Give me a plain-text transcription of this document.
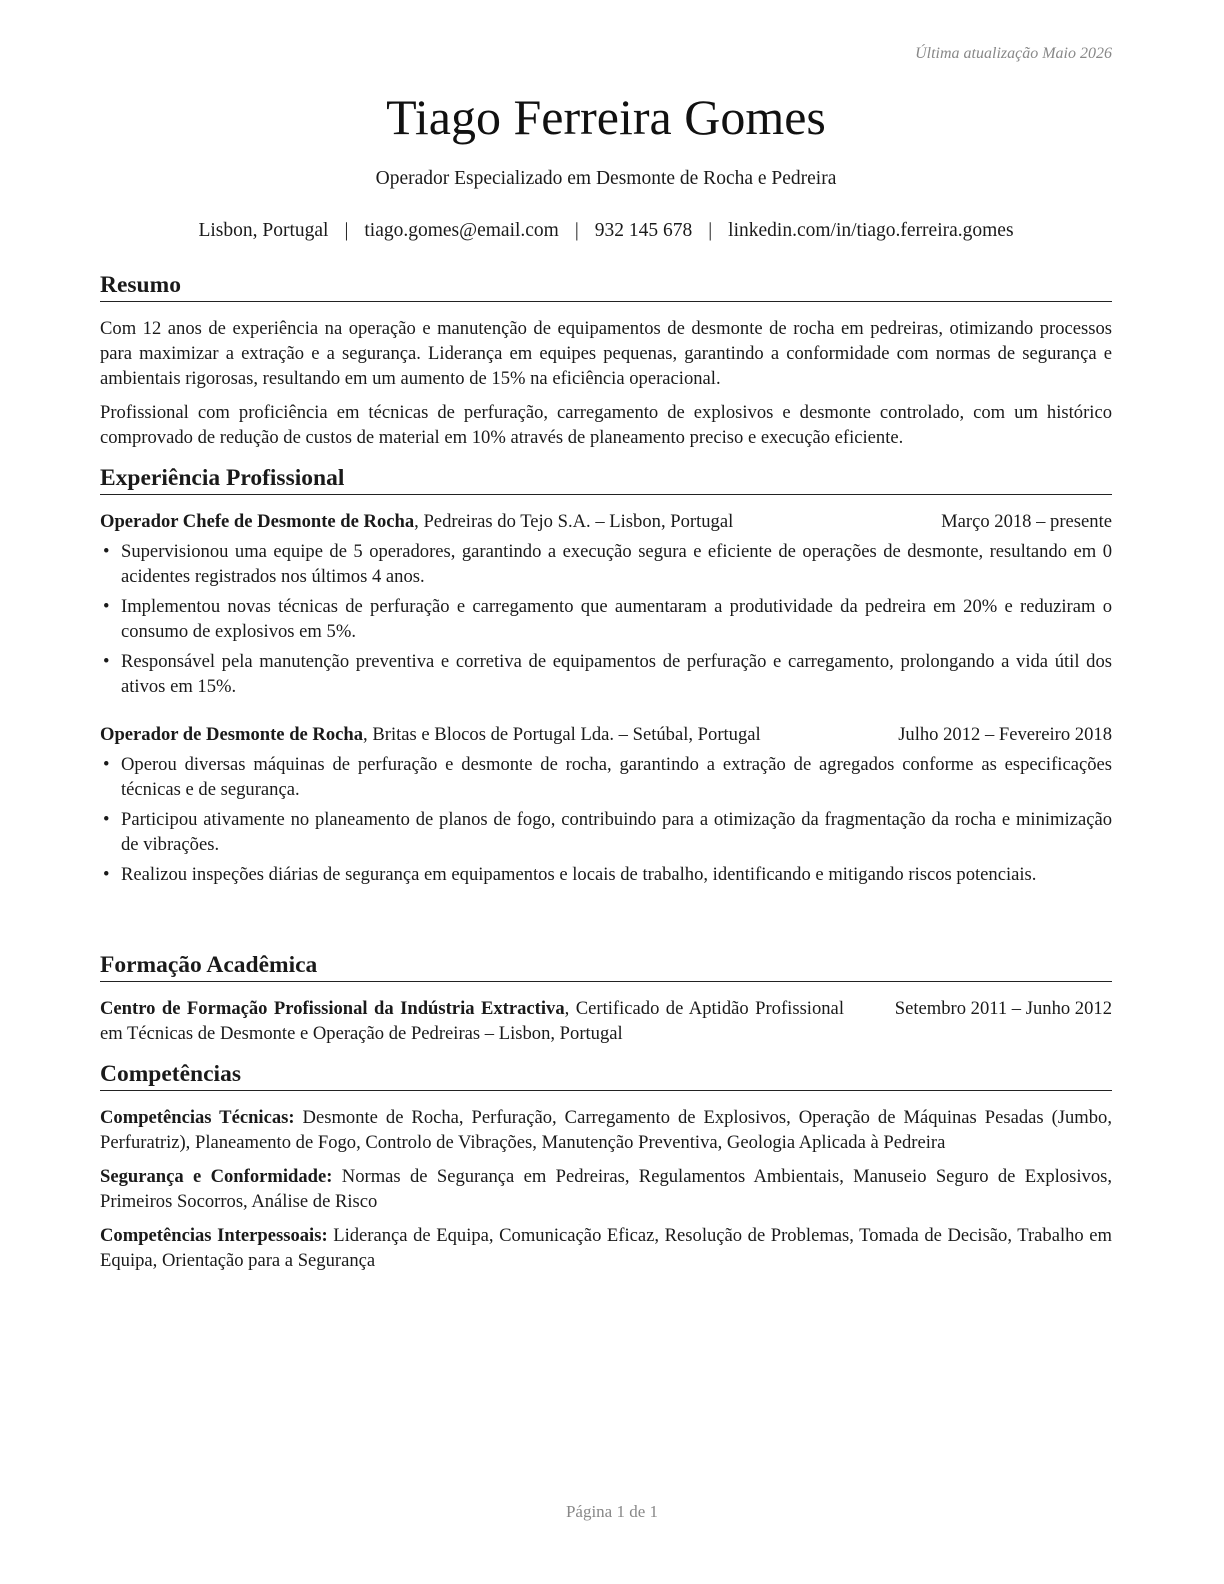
Última atualização Maio 2026
Tiago Ferreira Gomes
Operador Especializado em Desmonte de Rocha e Pedreira
Lisbon, Portugal | tiago.gomes@email.com | 932 145 678 | linkedin.com/in/tiago.ferreira.gomes
Resumo

Com 12 anos de experiência na operação e manutenção de equipamentos de desmonte de rocha em pedreiras, otimizando processos para maximizar a extração e a segurança. Liderança em equipes pequenas, garantindo a conformidade com normas de segurança e ambientais rigorosas, resultando em um aumento de 15% na eficiência operacional.

Profissional com proficiência em técnicas de perfuração, carregamento de explosivos e desmonte controlado, com um histórico comprovado de redução de custos de material em 10% através de planeamento preciso e execução eficiente.

Experiência Profissional
Operador Chefe de Desmonte de Rocha, Pedreiras do Tejo S.A. – Lisbon, Portugal	Março 2018 – presente
• Supervisionou uma equipe de 5 operadores, garantindo a execução segura e eficiente de operações de desmonte, resultando em 0 acidentes registrados nos últimos 4 anos.
• Implementou novas técnicas de perfuração e carregamento que aumentaram a produtividade da pedreira em 20% e reduziram o consumo de explosivos em 5%.
• Responsável pela manutenção preventiva e corretiva de equipamentos de perfuração e carregamento, prolongando a vida útil dos ativos em 15%.
Operador de Desmonte de Rocha, Britas e Blocos de Portugal Lda. – Setúbal, Portugal	Julho 2012 – Fevereiro 2018
• Operou diversas máquinas de perfuração e desmonte de rocha, garantindo a extração de agregados conforme as especificações técnicas e de segurança.
• Participou ativamente no planeamento de planos de fogo, contribuindo para a otimização da fragmentação da rocha e minimização de vibrações.
• Realizou inspeções diárias de segurança em equipamentos e locais de trabalho, identificando e mitigando riscos potenciais.
Formação Acadêmica
Centro de Formação Profissional da Indústria Extractiva, Certificado de Aptidão Profissional em Técnicas de Desmonte e Operação de Pedreiras – Lisbon, Portugal
Setembro 2011 – Junho 2012
Competências

Competências Técnicas: Desmonte de Rocha, Perfuração, Carregamento de Explosivos, Operação de Máquinas Pesadas (Jumbo, Perfuratriz), Planeamento de Fogo, Controlo de Vibrações, Manutenção Preventiva, Geologia Aplicada à Pedreira

Segurança e Conformidade: Normas de Segurança em Pedreiras, Regulamentos Ambientais, Manuseio Seguro de Explosivos, Primeiros Socorros, Análise de Risco

Competências Interpessoais: Liderança de Equipa, Comunicação Eficaz, Resolução de Problemas, Tomada de Decisão, Trabalho em Equipa, Orientação para a Segurança

Página 1 de 1
